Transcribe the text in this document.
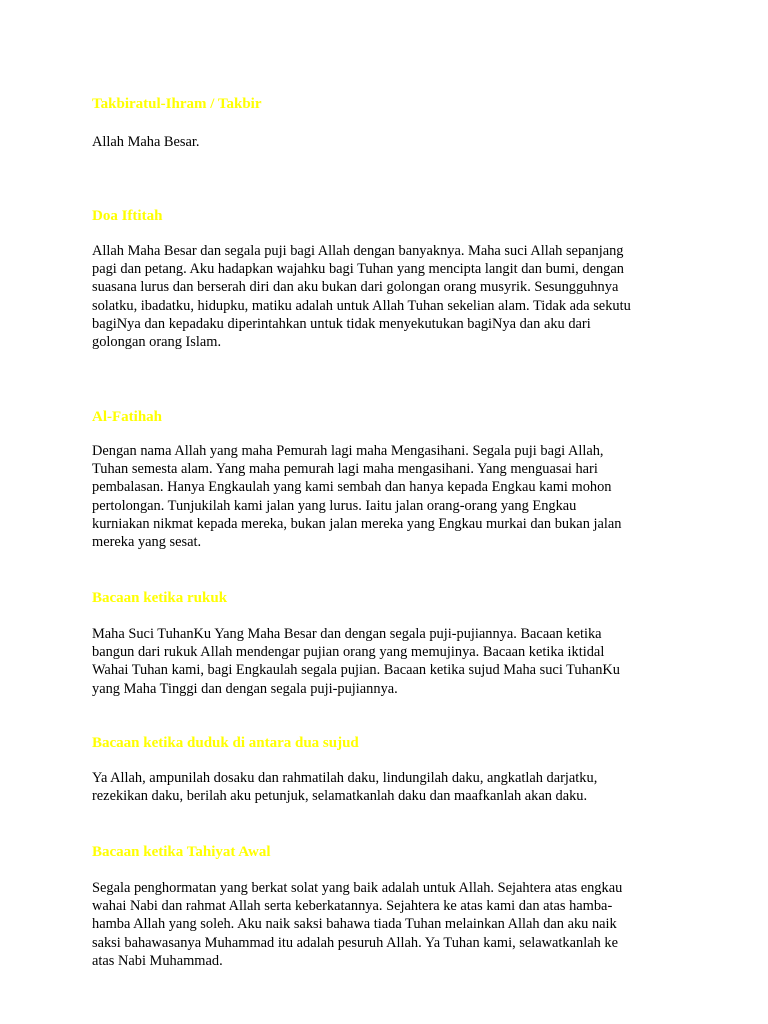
Takbiratul-Ihram / Takbir

Allah Maha Besar.

Doa Iftitah

Allah Maha Besar dan segala puji bagi Allah dengan banyaknya. Maha suci Allah sepanjang
pagi dan petang. Aku hadapkan wajahku bagi Tuhan yang mencipta langit dan bumi, dengan
suasana lurus dan berserah diri dan aku bukan dari golongan orang musyrik. Sesungguhnya
solatku, ibadatku, hidupku, matiku adalah untuk Allah Tuhan sekelian alam. Tidak ada sekutu
bagiNya dan kepadaku diperintahkan untuk tidak menyekutukan bagiNya dan aku dari
golongan orang Islam.

Al-Fatihah

Dengan nama Allah yang maha Pemurah lagi maha Mengasihani. Segala puji bagi Allah,
Tuhan semesta alam. Yang maha pemurah lagi maha mengasihani. Yang menguasai hari
pembalasan. Hanya Engkaulah yang kami sembah dan hanya kepada Engkau kami mohon
pertolongan. Tunjukilah kami jalan yang lurus. Iaitu jalan orang-orang yang Engkau
kurniakan nikmat kepada mereka, bukan jalan mereka yang Engkau murkai dan bukan jalan
mereka yang sesat.

Bacaan ketika rukuk

Maha Suci TuhanKu Yang Maha Besar dan dengan segala puji-pujiannya. Bacaan ketika
bangun dari rukuk Allah mendengar pujian orang yang memujinya. Bacaan ketika iktidal
Wahai Tuhan kami, bagi Engkaulah segala pujian. Bacaan ketika sujud Maha suci TuhanKu
yang Maha Tinggi dan dengan segala puji-pujiannya.

Bacaan ketika duduk di antara dua sujud

Ya Allah, ampunilah dosaku dan rahmatilah daku, lindungilah daku, angkatlah darjatku,
rezekikan daku, berilah aku petunjuk, selamatkanlah daku dan maafkanlah akan daku.

Bacaan ketika Tahiyat Awal

Segala penghormatan yang berkat solat yang baik adalah untuk Allah. Sejahtera atas engkau
wahai Nabi dan rahmat Allah serta keberkatannya. Sejahtera ke atas kami dan atas hamba-
hamba Allah yang soleh. Aku naik saksi bahawa tiada Tuhan melainkan Allah dan aku naik
saksi bahawasanya Muhammad itu adalah pesuruh Allah. Ya Tuhan kami, selawatkanlah ke
atas Nabi Muhammad.
